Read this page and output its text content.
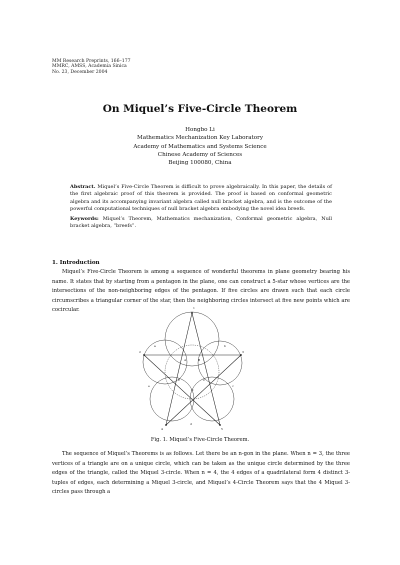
MM Research Preprints, 166–177
MMRC, AMSS, Academia Sinica
No. 23, December 2004
On Miquel’s Five-Circle Theorem
Hongbo Li
Mathematics Mechanization Key Laboratory
Academy of Mathematics and Systems Science
Chinese Academy of Sciences
Beijing 100080, China
Abstract. Miquel’s Five-Circle Theorem is difficult to prove algebraically. In this paper, the details of the first algebraic proof of this theorem is provided. The proof is based on conformal geometric algebra and its accompanying invariant algebra called null bracket algebra, and is the outcome of the powerful computational techniques of null bracket algebra embodying the novel idea breefs.
Keywords: Miquel’s Theorem, Mathematics mechanization, Conformal geometric algebra, Null bracket algebra, “breefs”.
1. Introduction
Miquel’s Five-Circle Theorem is among a sequence of wonderful theorems in plane geometry bearing his name. It states that by starting from a pentagon in the plane, one can construct a 5-star whose vertices are the intersections of the non-neighboring edges of the pentagon. If five circles are drawn such that each circle circumscribes a triangular corner of the star, then the neighboring circles intersect at five new points which are cocircular.	1
2	3
4	5
A	B
C
D
E
a	b
c
d
e
Fig. 1. Miquel’s Five-Circle Theorem.
The sequence of Miquel’s Theorems is as follows. Let there be an n-gon in the plane. When n = 3, the three vertices of a triangle are on a unique circle, which can be taken as the unique circle determined by the three edges of the triangle, called the Miquel 3-circle. When n = 4, the 4 edges of a quadrilateral form 4 distinct 3-tuples of edges, each determining a Miquel 3-circle, and Miquel’s 4-Circle Theorem says that the 4 Miquel 3-circles pass through a
